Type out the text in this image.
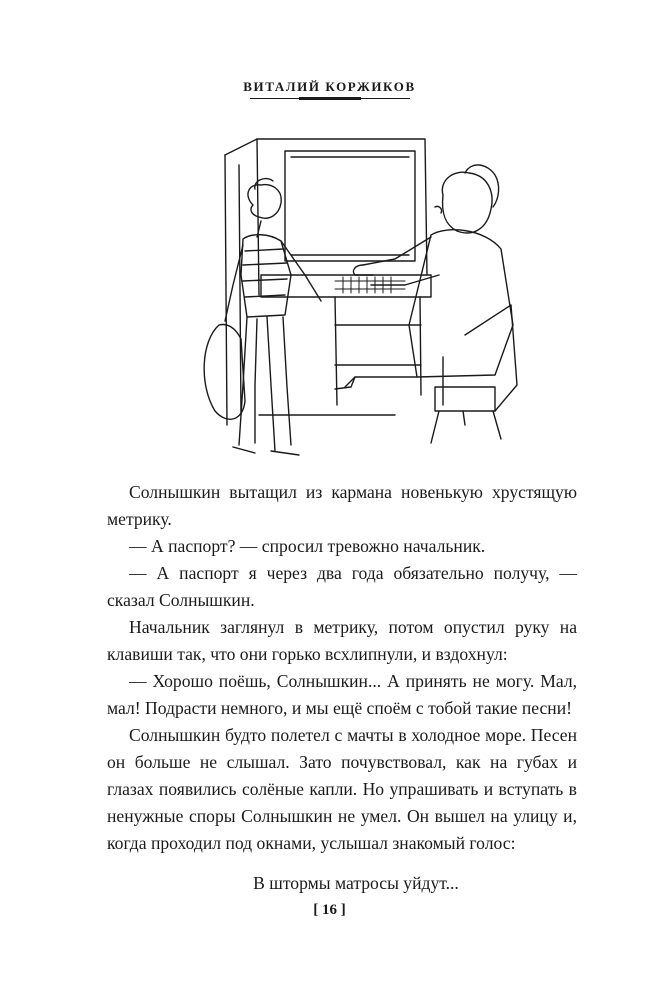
ВИТАЛИЙ КОРЖИКОВ

Солнышкин вытащил из кармана новенькую хрустящую метрику.

— А паспорт? — спросил тревожно начальник.

— А паспорт я через два года обязательно получу, — сказал Солнышкин.

Начальник заглянул в метрику, потом опустил руку на клавиши так, что они горько всхлипнули, и вздохнул:

— Хорошо поёшь, Солнышкин... А принять не могу. Мал, мал! Подрасти немного, и мы ещё споём с тобой такие песни!

Солнышкин будто полетел с мачты в холодное море. Песен он больше не слышал. Зато почувствовал, как на губах и глазах появились солёные капли. Но упрашивать и вступать в ненужные споры Солнышкин не умел. Он вышел на улицу и, когда проходил под окнами, услышал знакомый голос:

В штормы матросы уйдут...

[ 16 ]
